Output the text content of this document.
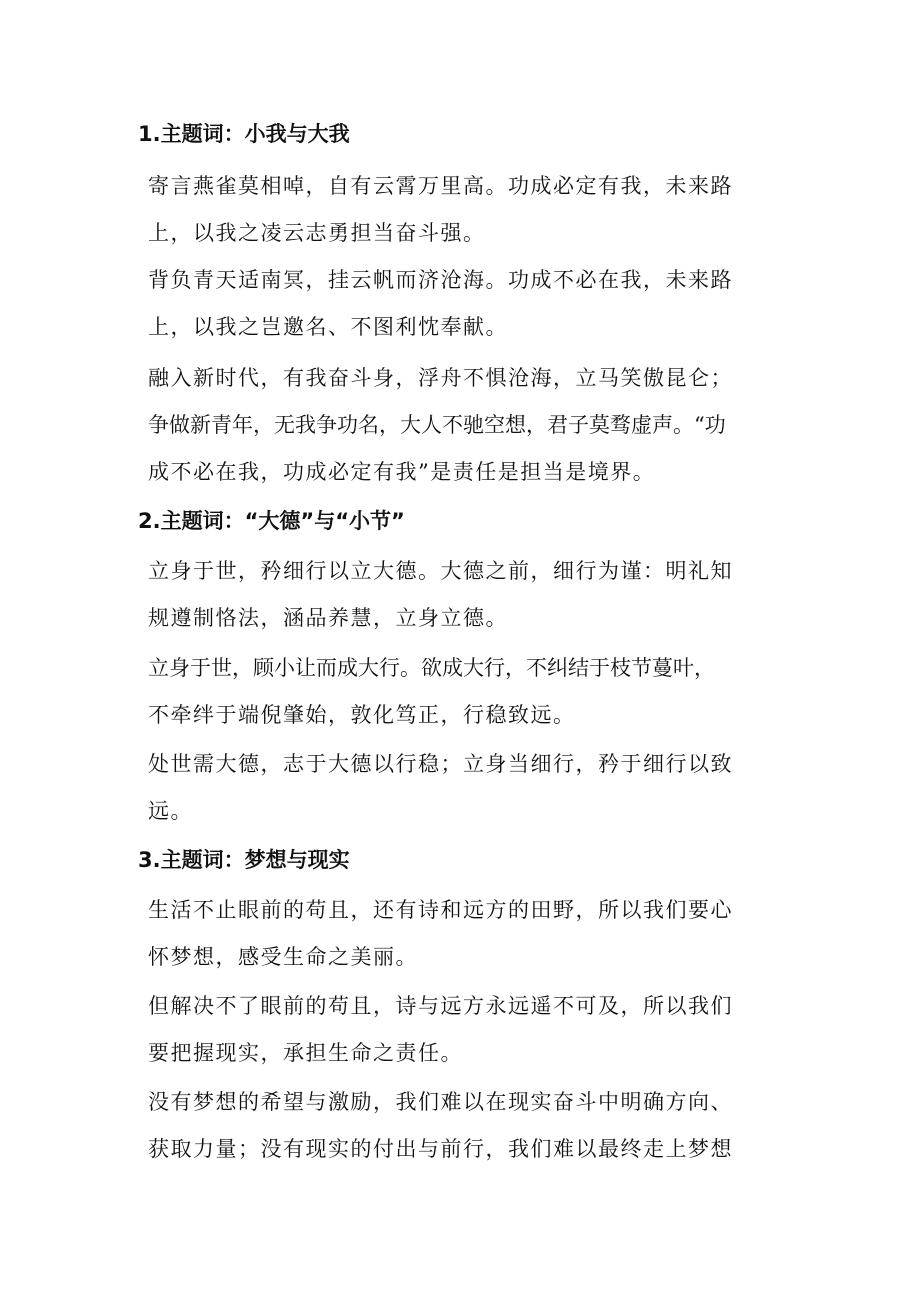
1.主题词：小我与大我
寄言燕雀莫相啅，自有云霄万里高。功成必定有我，未来路
上，以我之凌云志勇担当奋斗强。
背负青天适南冥，挂云帆而济沧海。功成不必在我，未来路
上，以我之岂邀名、不图利忱奉献。
融入新时代，有我奋斗身，浮舟不惧沧海，立马笑傲昆仑；
争做新青年，无我争功名，大人不驰空想，君子莫骛虚声。“功
成不必在我，功成必定有我”是责任是担当是境界。
2.主题词：“大德”与“小节”
立身于世，矜细行以立大德。大德之前，细行为谨：明礼知
规遵制恪法，涵品养慧，立身立德。
立身于世，顾小让而成大行。欲成大行，不纠结于枝节蔓叶，
不牵绊于端倪肇始，敦化笃正，行稳致远。
处世需大德，志于大德以行稳；立身当细行，矜于细行以致
远。
3.主题词：梦想与现实
生活不止眼前的苟且，还有诗和远方的田野，所以我们要心
怀梦想，感受生命之美丽。
但解决不了眼前的苟且，诗与远方永远遥不可及，所以我们
要把握现实，承担生命之责任。
没有梦想的希望与激励，我们难以在现实奋斗中明确方向、
获取力量；没有现实的付出与前行，我们难以最终走上梦想
